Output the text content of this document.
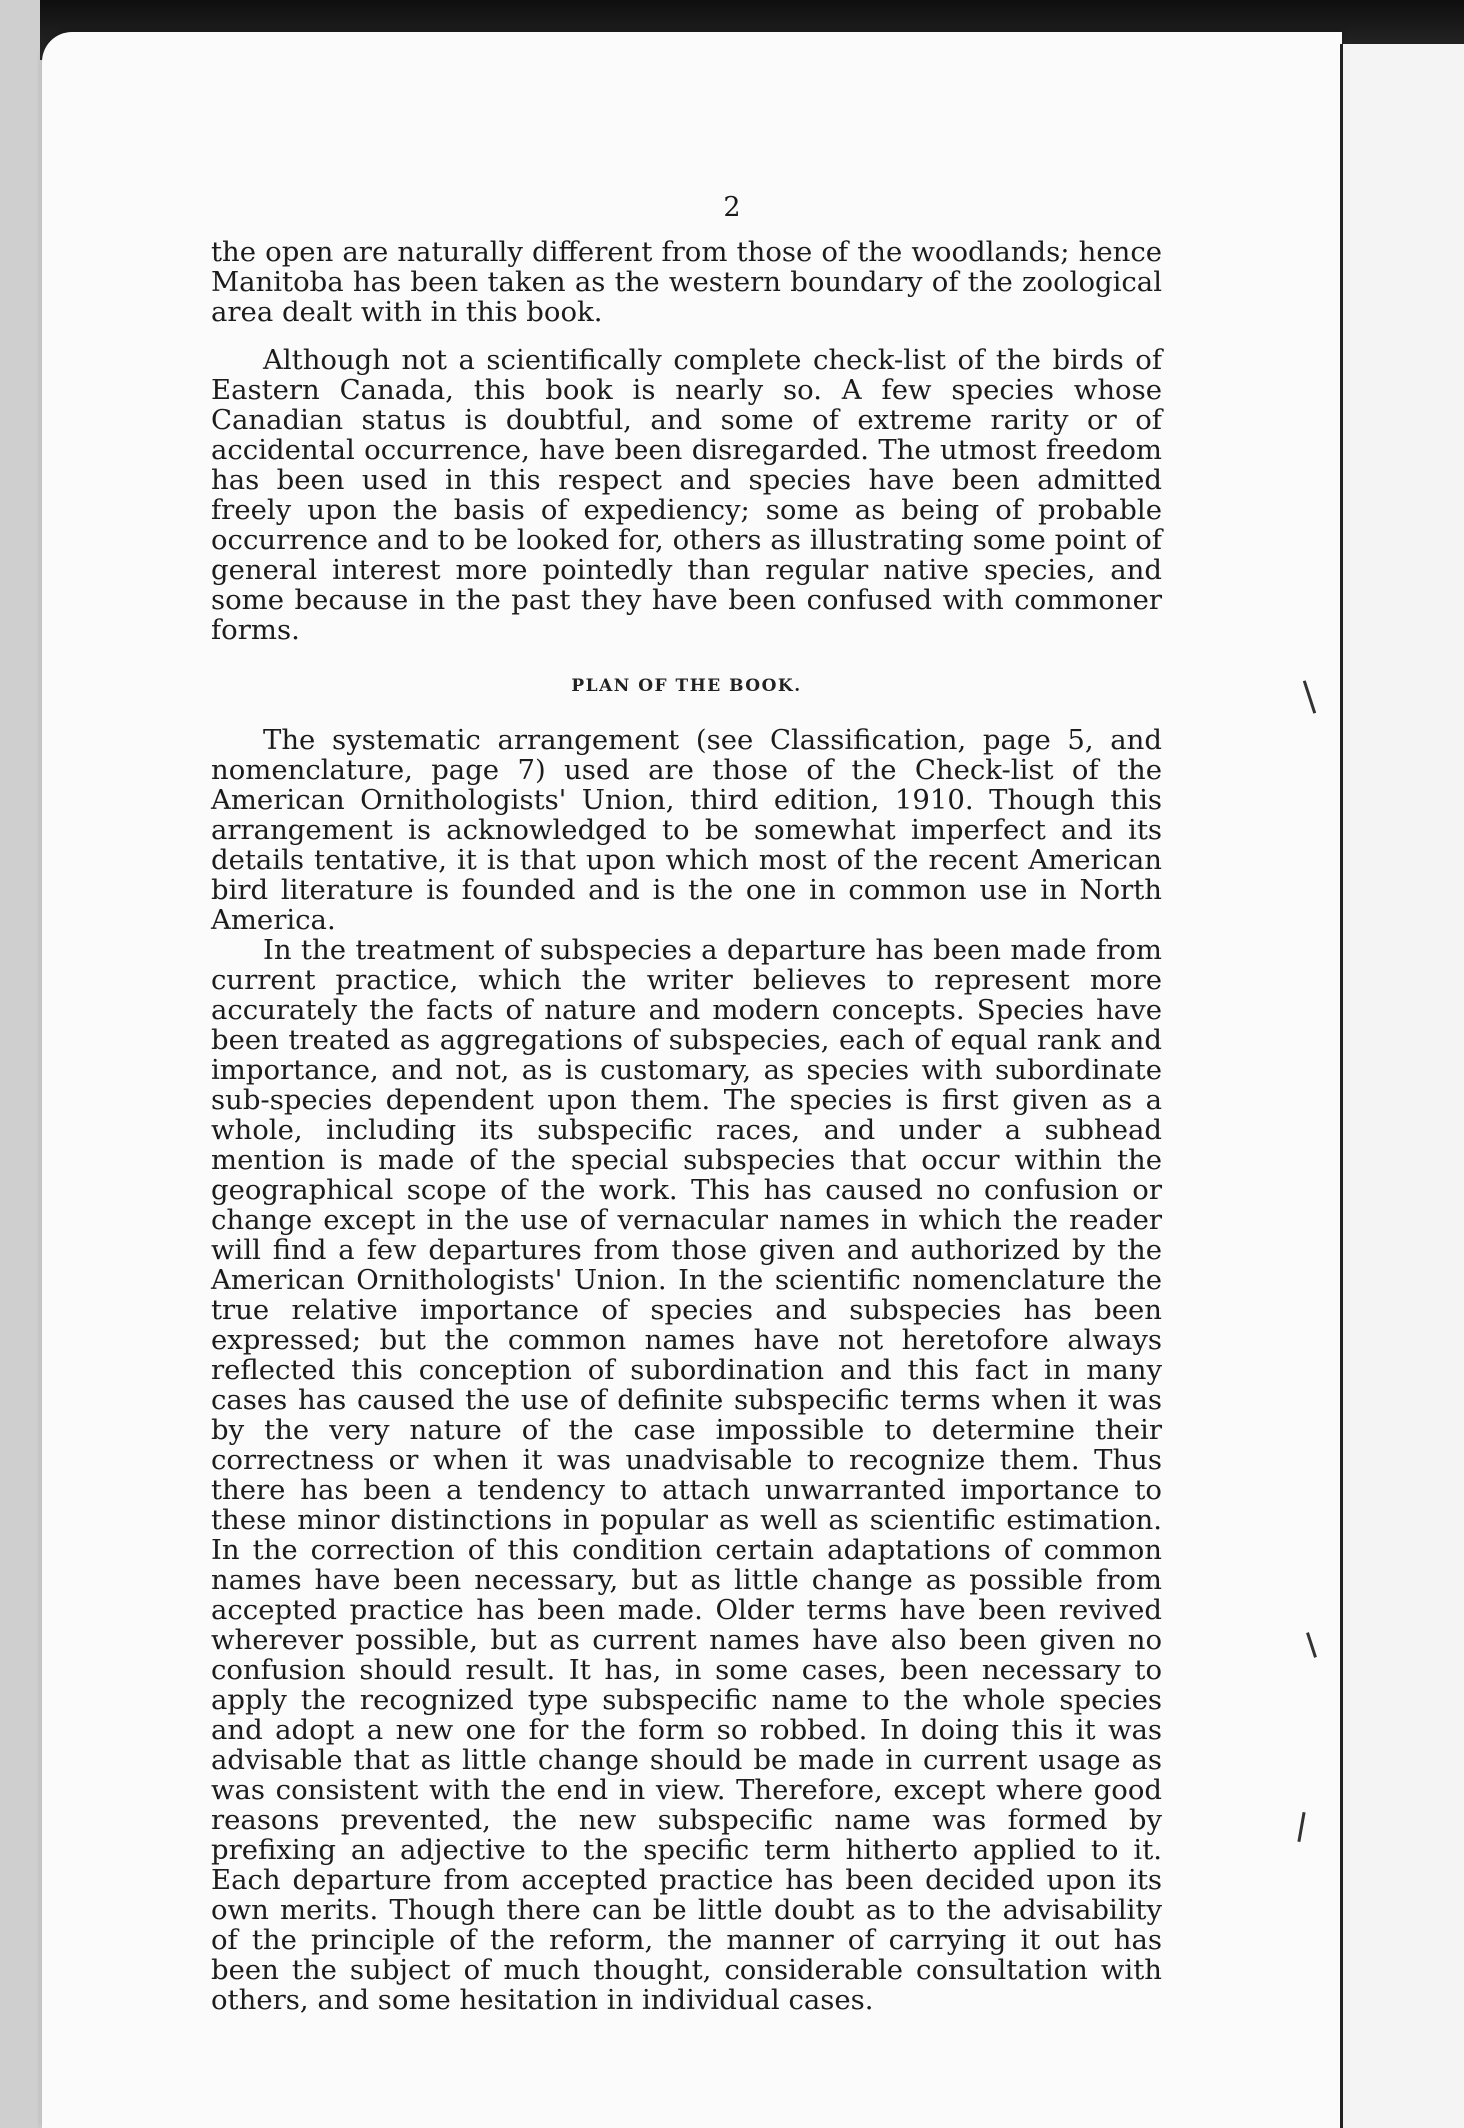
2

the open are naturally different from those of the woodlands; hence Manitoba has been taken as the western boundary of the zoological area dealt with in this book.

Although not a scientifically complete check-list of the birds of Eastern Canada, this book is nearly so. A few species whose Canadian status is doubtful, and some of extreme rarity or of accidental occurrence, have been disregarded. The utmost freedom has been used in this respect and species have been admitted freely upon the basis of expediency; some as being of probable occurrence and to be looked for, others as illustrating some point of general interest more pointedly than regular native species, and some because in the past they have been confused with commoner forms.

PLAN OF THE BOOK.

The systematic arrangement (see Classification, page 5, and nomenclature, page 7) used are those of the Check-list of the American Ornithologists' Union, third edition, 1910. Though this arrangement is acknowledged to be somewhat imperfect and its details tentative, it is that upon which most of the recent American bird literature is founded and is the one in common use in North America.

In the treatment of subspecies a departure has been made from current practice, which the writer believes to represent more accurately the facts of nature and modern concepts. Species have been treated as aggregations of subspecies, each of equal rank and importance, and not, as is customary, as species with subordinate sub-species dependent upon them. The species is first given as a whole, including its subspecific races, and under a subhead mention is made of the special subspecies that occur within the geographical scope of the work. This has caused no confusion or change except in the use of vernacular names in which the reader will find a few departures from those given and authorized by the American Ornithologists' Union. In the scientific nomenclature the true relative importance of species and subspecies has been expressed; but the common names have not heretofore always reflected this conception of subordination and this fact in many cases has caused the use of definite subspecific terms when it was by the very nature of the case impossible to determine their correctness or when it was unadvisable to recognize them. Thus there has been a tendency to attach unwarranted importance to these minor distinctions in popular as well as scientific estimation. In the correction of this condition certain adaptations of common names have been necessary, but as little change as possible from accepted practice has been made. Older terms have been revived wherever possible, but as current names have also been given no confusion should result. It has, in some cases, been necessary to apply the recognized type subspecific name to the whole species and adopt a new one for the form so robbed. In doing this it was advisable that as little change should be made in current usage as was consistent with the end in view. Therefore, except where good reasons prevented, the new subspecific name was formed by prefixing an adjective to the specific term hitherto applied to it. Each departure from accepted practice has been decided upon its own merits. Though there can be little doubt as to the advisability of the principle of the reform, the manner of carrying it out has been the subject of much thought, considerable consultation with others, and some hesitation in individual cases.
